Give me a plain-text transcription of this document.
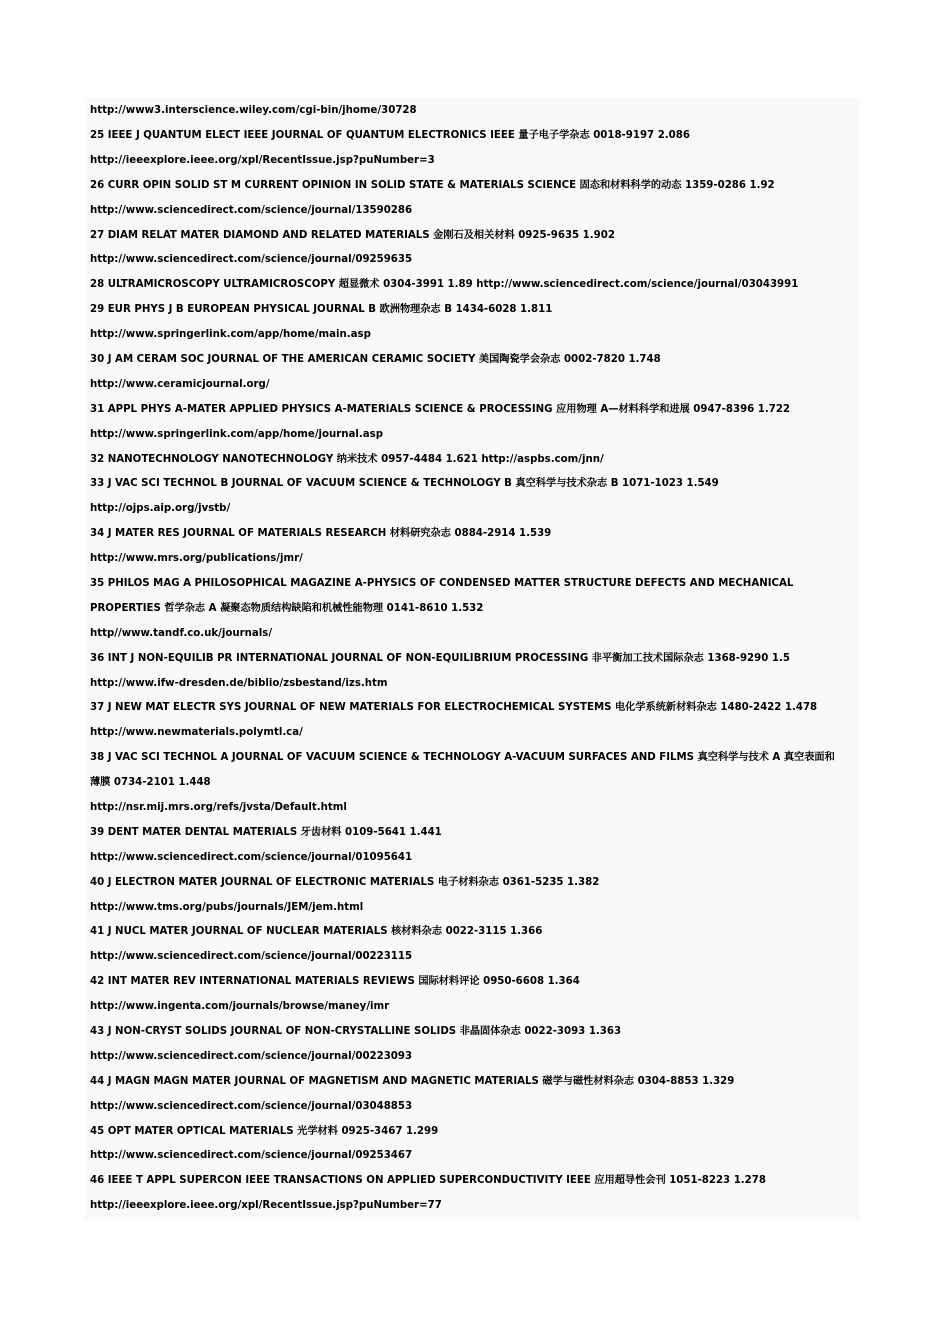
http://www3.interscience.wiley.com/cgi-bin/jhome/30728
25 IEEE J QUANTUM ELECT IEEE JOURNAL OF QUANTUM ELECTRONICS IEEE 量子电子学杂志 0018-9197 2.086
http://ieeexplore.ieee.org/xpl/RecentIssue.jsp?puNumber=3
26 CURR OPIN SOLID ST M CURRENT OPINION IN SOLID STATE & MATERIALS SCIENCE 固态和材料科学的动态 1359-0286 1.92
http://www.sciencedirect.com/science/journal/13590286
27 DIAM RELAT MATER DIAMOND AND RELATED MATERIALS 金刚石及相关材料 0925-9635 1.902
http://www.sciencedirect.com/science/journal/09259635
28 ULTRAMICROSCOPY ULTRAMICROSCOPY 超显微术 0304-3991 1.89 http://www.sciencedirect.com/science/journal/03043991
29 EUR PHYS J B EUROPEAN PHYSICAL JOURNAL B 欧洲物理杂志 B 1434-6028 1.811
http://www.springerlink.com/app/home/main.asp
30 J AM CERAM SOC JOURNAL OF THE AMERICAN CERAMIC SOCIETY 美国陶瓷学会杂志 0002-7820 1.748
http://www.ceramicjournal.org/
31 APPL PHYS A-MATER APPLIED PHYSICS A-MATERIALS SCIENCE & PROCESSING 应用物理 A—材料科学和进展 0947-8396 1.722
http://www.springerlink.com/app/home/journal.asp
32 NANOTECHNOLOGY NANOTECHNOLOGY 纳米技术 0957-4484 1.621 http://aspbs.com/jnn/
33 J VAC SCI TECHNOL B JOURNAL OF VACUUM SCIENCE & TECHNOLOGY B 真空科学与技术杂志 B 1071-1023 1.549
http://ojps.aip.org/jvstb/
34 J MATER RES JOURNAL OF MATERIALS RESEARCH 材料研究杂志 0884-2914 1.539
http://www.mrs.org/publications/jmr/
35 PHILOS MAG A PHILOSOPHICAL MAGAZINE A-PHYSICS OF CONDENSED MATTER STRUCTURE DEFECTS AND MECHANICAL
PROPERTIES 哲学杂志 A 凝聚态物质结构缺陷和机械性能物理 0141-8610 1.532
http//www.tandf.co.uk/journals/
36 INT J NON-EQUILIB PR INTERNATIONAL JOURNAL OF NON-EQUILIBRIUM PROCESSING 非平衡加工技术国际杂志 1368-9290 1.5
http://www.ifw-dresden.de/biblio/zsbestand/izs.htm
37 J NEW MAT ELECTR SYS JOURNAL OF NEW MATERIALS FOR ELECTROCHEMICAL SYSTEMS 电化学系统新材料杂志 1480-2422 1.478
http://www.newmaterials.polymtl.ca/
38 J VAC SCI TECHNOL A JOURNAL OF VACUUM SCIENCE & TECHNOLOGY A-VACUUM SURFACES AND FILMS 真空科学与技术 A 真空表面和
薄膜 0734-2101 1.448
http://nsr.mij.mrs.org/refs/jvsta/Default.html
39 DENT MATER DENTAL MATERIALS 牙齿材料 0109-5641 1.441
http://www.sciencedirect.com/science/journal/01095641
40 J ELECTRON MATER JOURNAL OF ELECTRONIC MATERIALS 电子材料杂志 0361-5235 1.382
http://www.tms.org/pubs/journals/JEM/jem.html
41 J NUCL MATER JOURNAL OF NUCLEAR MATERIALS 核材料杂志 0022-3115 1.366
http://www.sciencedirect.com/science/journal/00223115
42 INT MATER REV INTERNATIONAL MATERIALS REVIEWS 国际材料评论 0950-6608 1.364
http://www.ingenta.com/journals/browse/maney/imr
43 J NON-CRYST SOLIDS JOURNAL OF NON-CRYSTALLINE SOLIDS 非晶固体杂志 0022-3093 1.363
http://www.sciencedirect.com/science/journal/00223093
44 J MAGN MAGN MATER JOURNAL OF MAGNETISM AND MAGNETIC MATERIALS 磁学与磁性材料杂志 0304-8853 1.329
http://www.sciencedirect.com/science/journal/03048853
45 OPT MATER OPTICAL MATERIALS 光学材料 0925-3467 1.299
http://www.sciencedirect.com/science/journal/09253467
46 IEEE T APPL SUPERCON IEEE TRANSACTIONS ON APPLIED SUPERCONDUCTIVITY IEEE 应用超导性会刊 1051-8223 1.278
http://ieeexplore.ieee.org/xpl/RecentIssue.jsp?puNumber=77
